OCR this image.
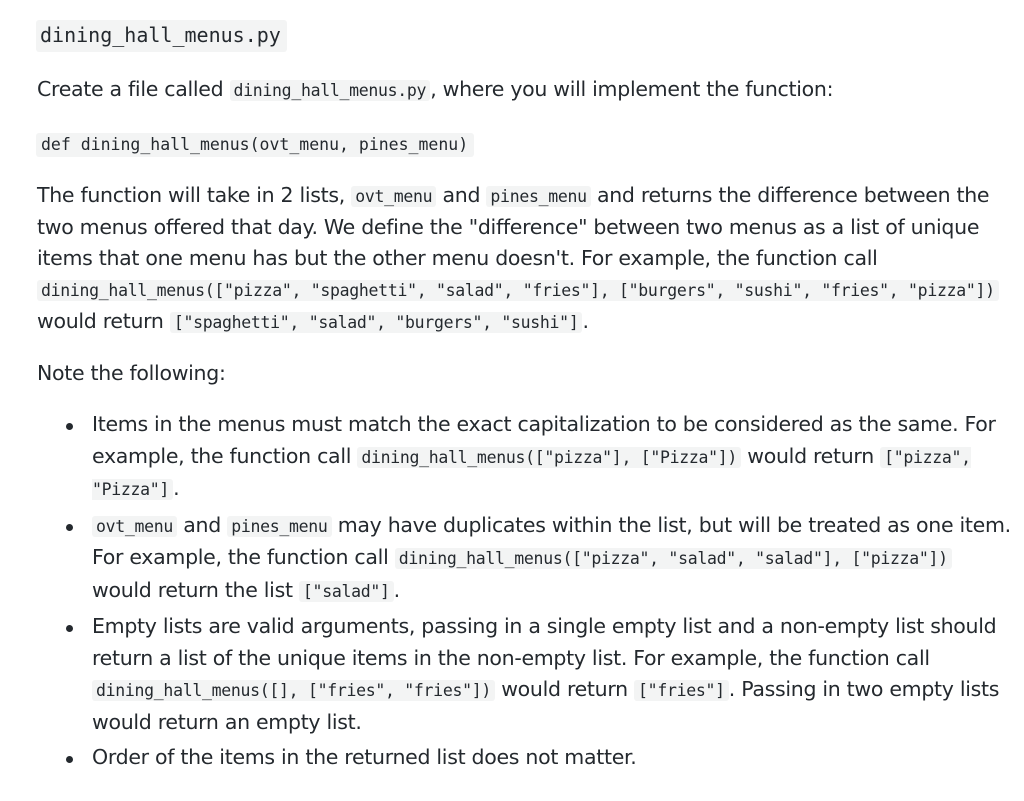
dining_hall_menus.py
Create a file called dining_hall_menus.py , where you will implement the function:
def dining_hall_menus(ovt_menu, pines_menu)
The function will take in 2 lists, ovt_menu and pines_menu and returns the difference between the two menus offered that day. We define the "difference" between two menus as a list of unique items that one menu has but the other menu doesn't. For example, the function call dining_hall_menus(["pizza", "spaghetti", "salad", "fries"], ["burgers", "sushi", "fries", "pizza"]) would return ["spaghetti", "salad", "burgers", "sushi"] .
Note the following:
Items in the menus must match the exact capitalization to be considered as the same. For example, the function call dining_hall_menus(["pizza"], ["Pizza"]) would return ["pizza", "Pizza"] .
ovt_menu and pines_menu may have duplicates within the list, but will be treated as one item. For example, the function call dining_hall_menus(["pizza", "salad", "salad"], ["pizza"]) would return the list ["salad"] .
Empty lists are valid arguments, passing in a single empty list and a non-empty list should return a list of the unique items in the non-empty list. For example, the function call dining_hall_menus([], ["fries", "fries"]) would return ["fries"] . Passing in two empty lists would return an empty list.
Order of the items in the returned list does not matter.
